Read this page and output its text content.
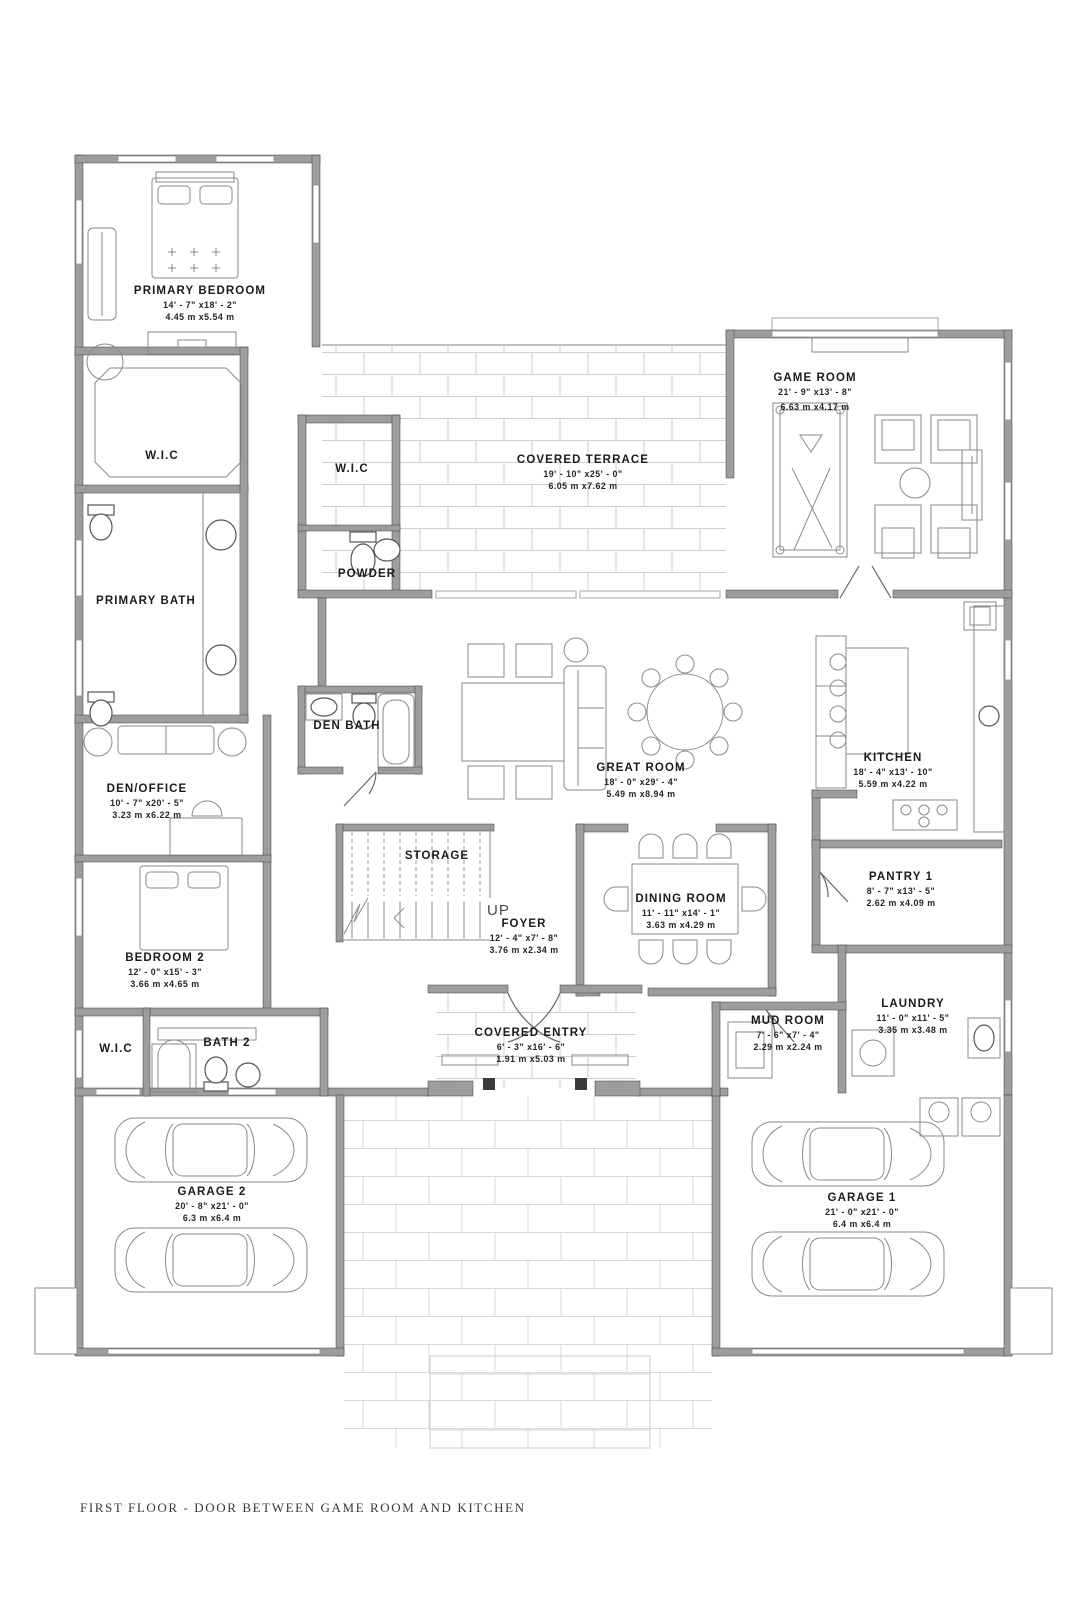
PRIMARY BEDROOM
14' - 7" x18' - 2"
4.45 m x5.54 m
W.I.C
GAME ROOM
21' - 9" x13' - 8"
6.63 m x4.17 m
COVERED TERRACE
19' - 10" x25' - 0"
6.05 m x7.62 m
W.I.C
POWDER
PRIMARY BATH
DEN BATH
GREAT ROOM
18' - 0" x29' - 4"
5.49 m x8.94 m
KITCHEN
18' - 4" x13' - 10"
5.59 m x4.22 m
DEN/OFFICE
10' - 7" x20' - 5"
3.23 m x6.22 m
STORAGE
UP
FOYER
12' - 4" x7' - 8"
3.76 m x2.34 m
DINING ROOM
11' - 11" x14' - 1"
3.63 m x4.29 m
PANTRY 1
8' - 7" x13' - 5"
2.62 m x4.09 m
BEDROOM 2
12' - 0" x15' - 3"
3.66 m x4.65 m
LAUNDRY
11' - 0" x11' - 5"
3.35 m x3.48 m
MUD ROOM
7' - 6" x7' - 4"
2.29 m x2.24 m
W.I.C	BATH 2
COVERED ENTRY
6' - 3" x16' - 6"
1.91 m x5.03 m
GARAGE 2
20' - 8" x21' - 0"
6.3 m x6.4 m
GARAGE 1
21' - 0" x21' - 0"
6.4 m x6.4 m
FIRST FLOOR - DOOR BETWEEN GAME ROOM AND KITCHEN
